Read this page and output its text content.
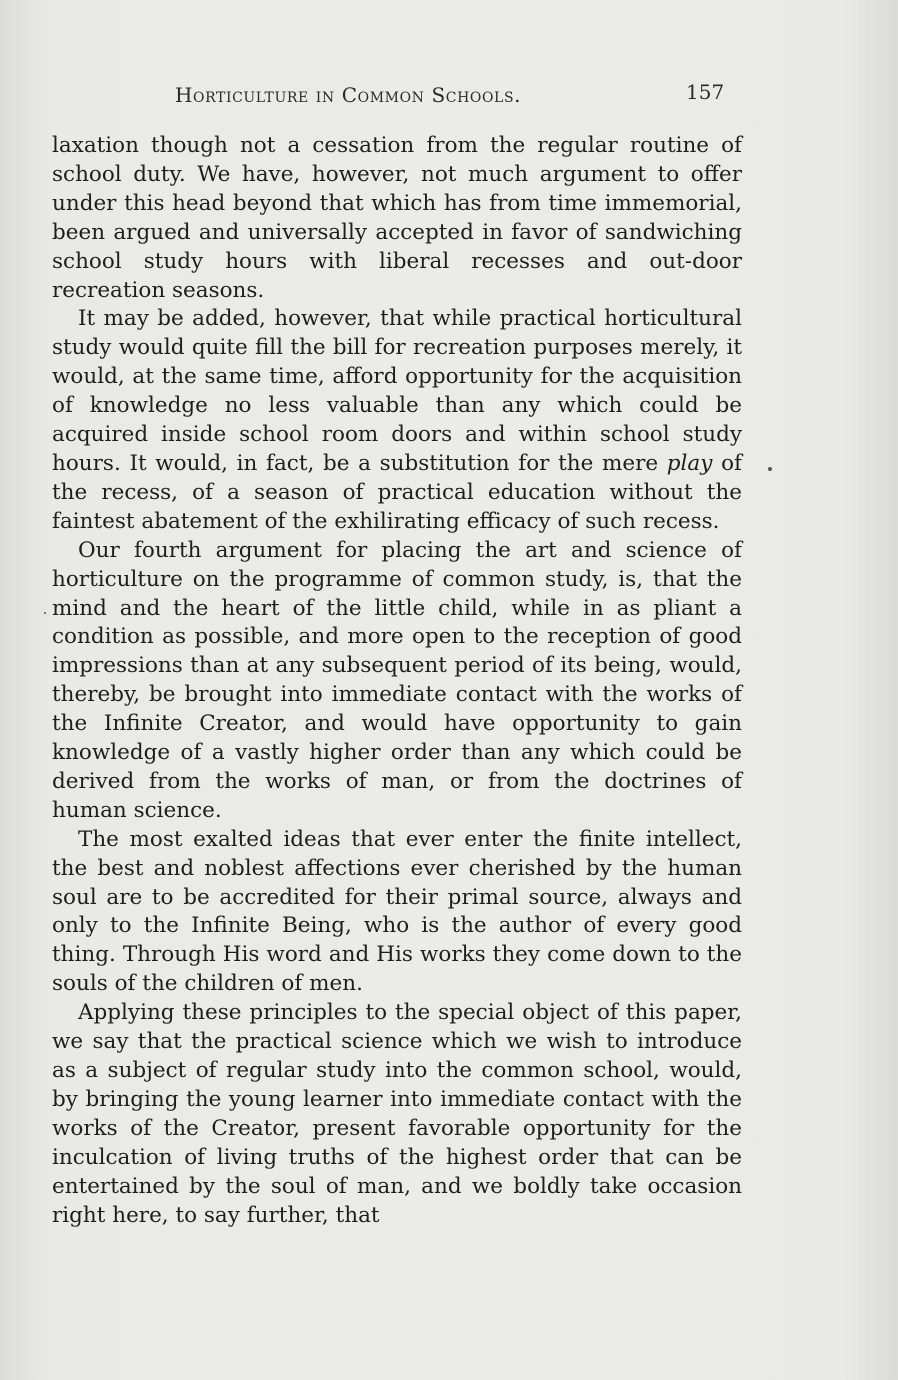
Horticulture in Common Schools.	157

laxation though not a cessation from the regular routine of school duty. We have, however, not much argument to offer under this head beyond that which has from time immemorial, been argued and universally accepted in favor of sandwiching school study hours with liberal recesses and out-door recreation seasons.

It may be added, however, that while practical horticultural study would quite fill the bill for recreation purposes merely, it would, at the same time, afford opportunity for the acquisition of knowledge no less valuable than any which could be acquired inside school room doors and within school study hours. It would, in fact, be a substitution for the mere play of the recess, of a season of practical education without the faintest abatement of the exhilirating efficacy of such recess.

Our fourth argument for placing the art and science of horticulture on the programme of common study, is, that the mind and the heart of the little child, while in as pliant a condition as possible, and more open to the reception of good impressions than at any subsequent period of its being, would, thereby, be brought into immediate contact with the works of the Infinite Creator, and would have opportunity to gain knowledge of a vastly higher order than any which could be derived from the works of man, or from the doctrines of human science.

The most exalted ideas that ever enter the finite intellect, the best and noblest affections ever cherished by the human soul are to be accredited for their primal source, always and only to the Infinite Being, who is the author of every good thing. Through His word and His works they come down to the souls of the children of men.

Applying these principles to the special object of this paper, we say that the practical science which we wish to introduce as a subject of regular study into the common school, would, by bringing the young learner into immediate contact with the works of the Creator, present favorable opportunity for the inculcation of living truths of the highest order that can be entertained by the soul of man, and we boldly take occasion right here, to say further, that
